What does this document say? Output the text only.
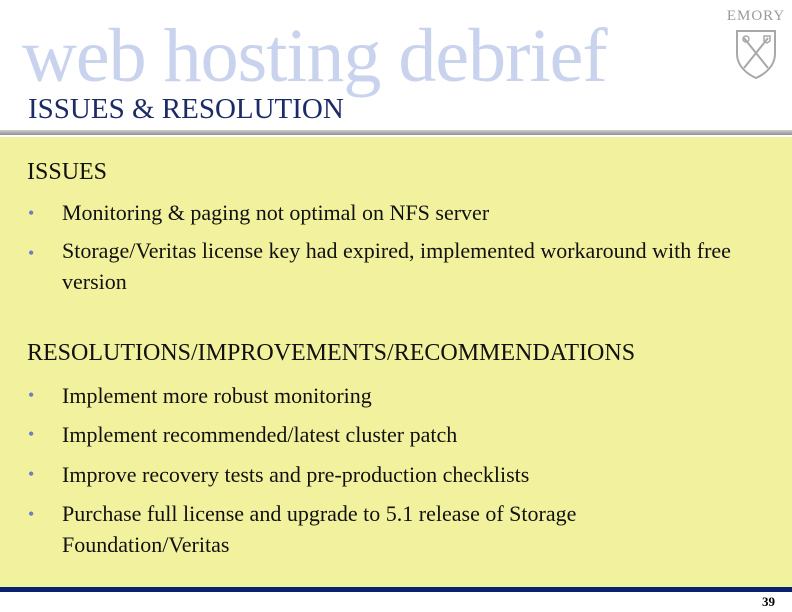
web hosting debrief
ISSUES & RESOLUTION
EMORY
ISSUES
•	Monitoring & paging not optimal on NFS server
•	Storage/Veritas license key had expired, implemented workaround with free version
RESOLUTIONS/IMPROVEMENTS/RECOMMENDATIONS
•	Implement more robust monitoring
•	Implement recommended/latest cluster patch
•	Improve recovery tests and pre-production checklists
•	Purchase full license and upgrade to 5.1 release of Storage Foundation/Veritas
39
